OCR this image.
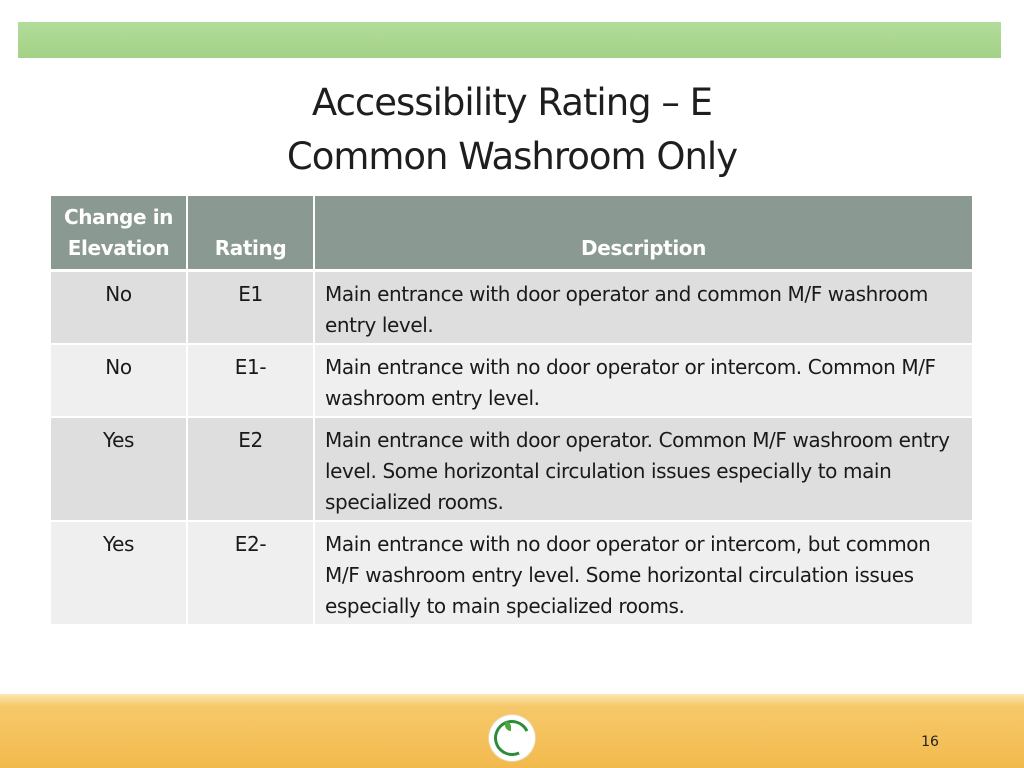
Accessibility Rating – E
Common Washroom Only
Change in Elevation	Rating	Description
No	E1	Main entrance with door operator and common M/F washroom entry level.
No	E1-	Main entrance with no door operator or intercom. Common M/F washroom entry level.
Yes	E2	Main entrance with door operator. Common M/F washroom entry level. Some horizontal circulation issues especially to main specialized rooms.
Yes	E2-	Main entrance with no door operator or intercom, but common M/F washroom entry level. Some horizontal circulation issues especially to main specialized rooms.
16
